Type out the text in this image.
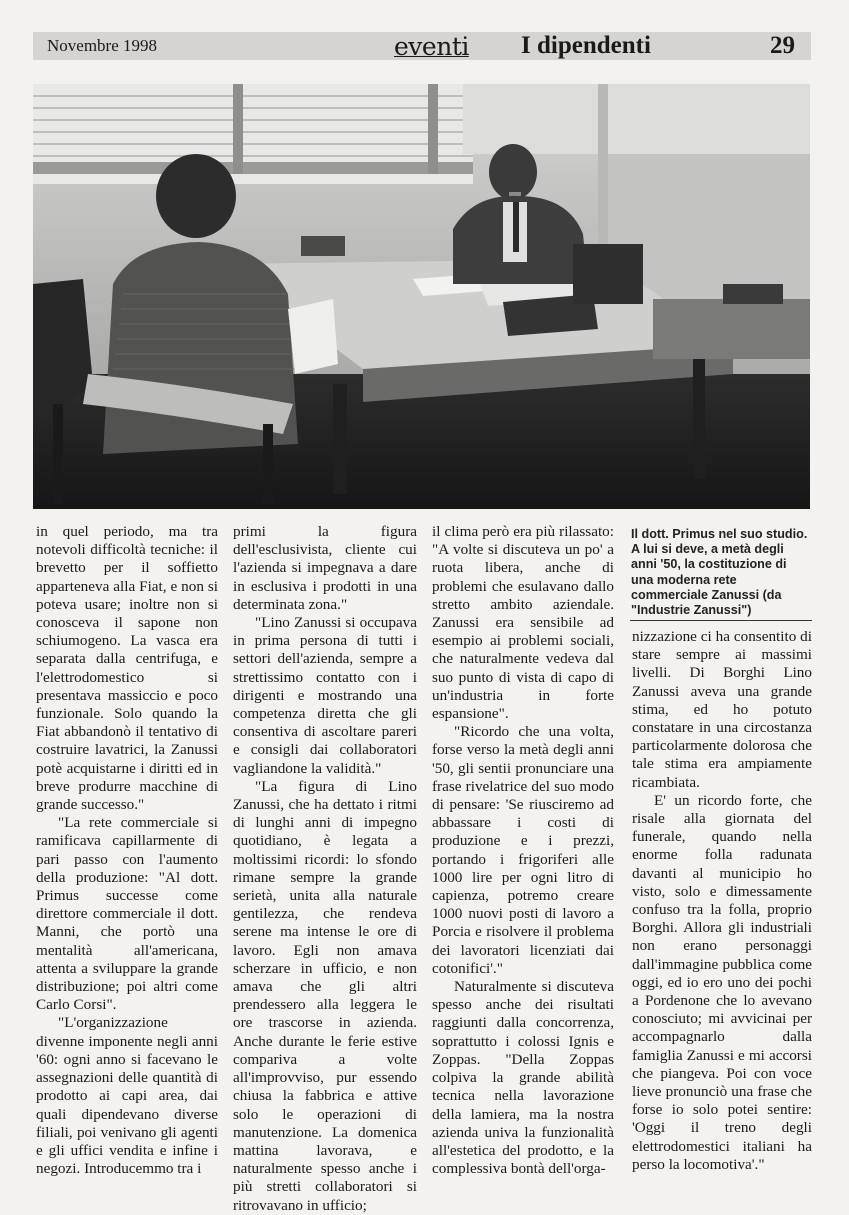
Novembre 1998	eventi I dipendenti	29
Il dott. Primus nel suo studio. A lui si deve, a metà degli anni '50, la costituzione di una moderna rete commerciale Zanussi (da "Industrie Zanussi")

in quel periodo, ma tra notevoli difficoltà tecniche: il brevetto per il soffietto apparteneva alla Fiat, e non si poteva usare; inoltre non si conosceva il sapone non schiumogeno. La vasca era separata dalla centrifuga, e l'elettrodomestico si presentava massiccio e poco funzionale. Solo quando la Fiat abbandonò il tentativo di costruire lavatrici, la Zanussi potè acquistarne i diritti ed in breve produrre macchine di grande successo."

"La rete commerciale si ramificava capillarmente di pari passo con l'aumento della produzione: "Al dott. Primus successe come direttore commerciale il dott. Manni, che portò una mentalità all'americana, attenta a sviluppare la grande distribuzione; poi altri come Carlo Corsi".

"L'organizzazione divenne imponente negli anni '60: ogni anno si facevano le assegnazioni delle quantità di prodotto ai capi area, dai quali dipendevano diverse filiali, poi venivano gli agenti e gli uffici vendita e infine i negozi. Introducemmo tra i

primi la figura dell'esclusivista, cliente cui l'azienda si impegnava a dare in esclusiva i prodotti in una determinata zona."

"Lino Zanussi si occupava in prima persona di tutti i settori dell'azienda, sempre a strettissimo contatto con i dirigenti e mostrando una competenza diretta che gli consentiva di ascoltare pareri e consigli dai collaboratori vagliandone la validità."

"La figura di Lino Zanussi, che ha dettato i ritmi di lunghi anni di impegno quotidiano, è legata a moltissimi ricordi: lo sfondo rimane sempre la grande serietà, unita alla naturale gentilezza, che rendeva serene ma intense le ore di lavoro. Egli non amava scherzare in ufficio, e non amava che gli altri prendessero alla leggera le ore trascorse in azienda. Anche durante le ferie estive compariva a volte all'improvviso, pur essendo chiusa la fabbrica e attive solo le operazioni di manutenzione. La domenica mattina lavorava, e naturalmente spesso anche i più stretti collaboratori si ritrovavano in ufficio;

il clima però era più rilassato: "A volte si discuteva un po' a ruota libera, anche di problemi che esulavano dallo stretto ambito aziendale. Zanussi era sensibile ad esempio ai problemi sociali, che naturalmente vedeva dal suo punto di vista di capo di un'industria in forte espansione".

"Ricordo che una volta, forse verso la metà degli anni '50, gli sentii pronunciare una frase rivelatrice del suo modo di pensare: 'Se riusciremo ad abbassare i costi di produzione e i prezzi, portando i frigoriferi alle 1000 lire per ogni litro di capienza, potremo creare 1000 nuovi posti di lavoro a Porcia e risolvere il problema dei lavoratori licenziati dai cotonifici'."

Naturalmente si discuteva spesso anche dei risultati raggiunti dalla concorrenza, soprattutto i colossi Ignis e Zoppas. "Della Zoppas colpiva la grande abilità tecnica nella lavorazione della lamiera, ma la nostra azienda univa la funzionalità all'estetica del prodotto, e la complessiva bontà dell'orga-

nizzazione ci ha consentito di stare sempre ai massimi livelli. Di Borghi Lino Zanussi aveva una grande stima, ed ho potuto constatare in una circostanza particolarmente dolorosa che tale stima era ampiamente ricambiata.

E' un ricordo forte, che risale alla giornata del funerale, quando nella enorme folla radunata davanti al municipio ho visto, solo e dimessamente confuso tra la folla, proprio Borghi. Allora gli industriali non erano personaggi dall'immagine pubblica come oggi, ed io ero uno dei pochi a Pordenone che lo avevano conosciuto; mi avvicinai per accompagnarlo dalla famiglia Zanussi e mi accorsi che piangeva. Poi con voce lieve pronunciò una frase che forse io solo potei sentire: 'Oggi il treno degli elettrodomestici italiani ha perso la locomotiva'."
